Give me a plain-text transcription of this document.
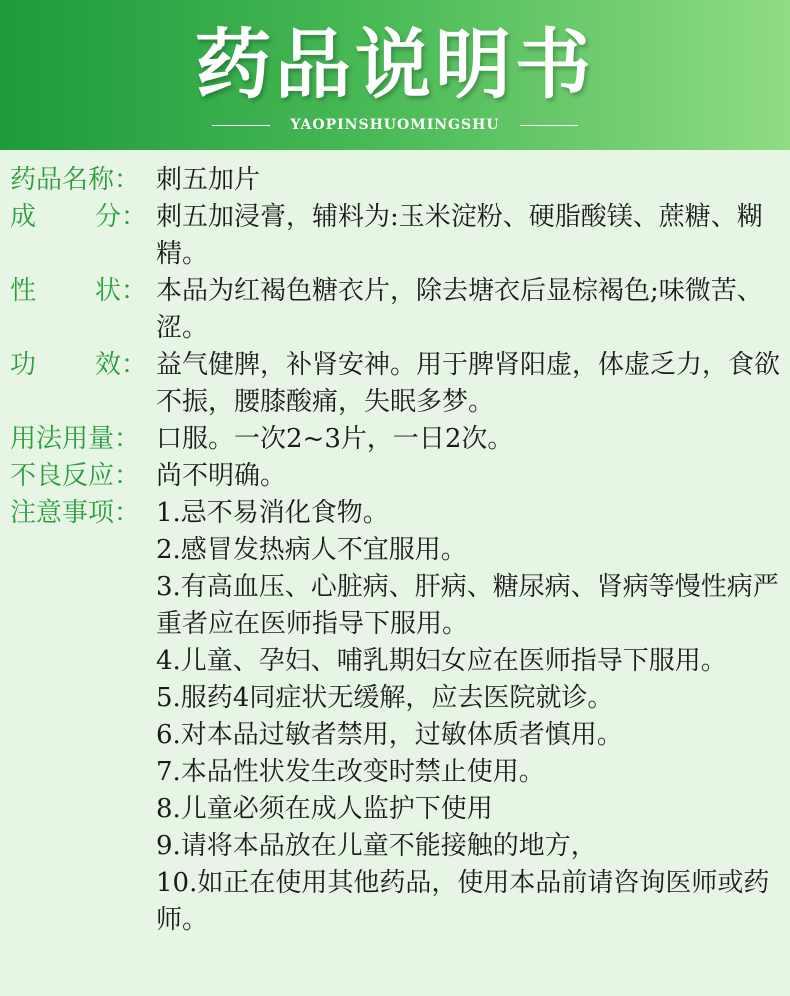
药品说明书
YAOPINSHUOMINGSHU
药品名称： 刺五加片
成 分： 刺五加浸膏，辅料为:玉米淀粉、硬脂酸镁、蔗糖、糊精。
性 状： 本品为红褐色糖衣片，除去塘衣后显棕褐色;味微苦、涩。
功 效： 益气健脾，补肾安神。用于脾肾阳虚，体虚乏力，食欲不振，腰膝酸痛，失眠多梦。
用法用量： 口服。一次2~3片，一日2次。
不良反应： 尚不明确。
注意事项： 1.忌不易消化食物。
2.感冒发热病人不宜服用。
3.有高血压、心脏病、肝病、糖尿病、肾病等慢性病严重者应在医师指导下服用。
4.儿童、孕妇、哺乳期妇女应在医师指导下服用。
5.服药4同症状无缓解，应去医院就诊。
6.对本品过敏者禁用，过敏体质者慎用。
7.本品性状发生改变时禁止使用。
8.儿童必须在成人监护下使用
9.请将本品放在儿童不能接触的地方，
10.如正在使用其他药品，使用本品前请咨询医师或药师。
